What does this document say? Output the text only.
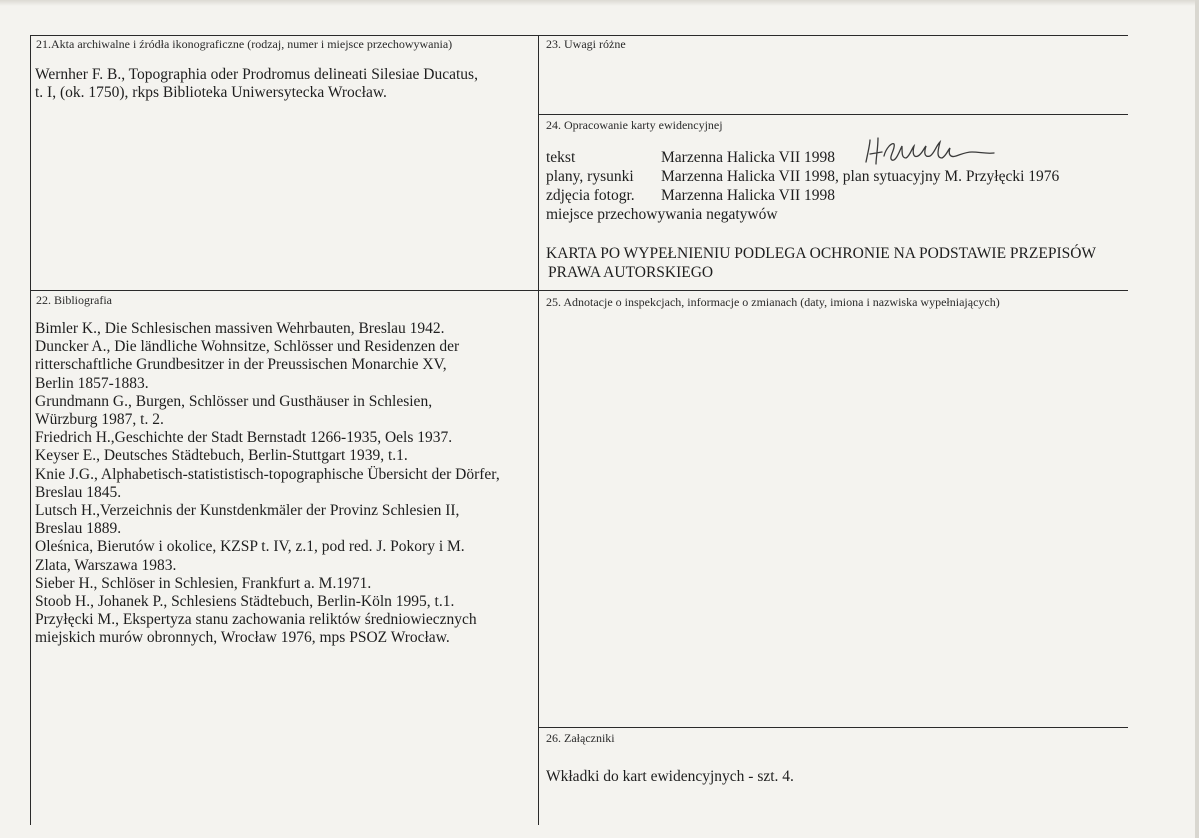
21.Akta archiwalne i źródła ikonograficzne (rodzaj, numer i miejsce przechowywania)
Wernher F. B., Topographia oder Prodromus delineati Silesiae Ducatus,
t. I, (ok. 1750), rkps Biblioteka Uniwersytecka Wrocław.
23. Uwagi różne
24. Opracowanie karty ewidencyjnej
tekst	Marzenna Halicka VII 1998
plany, rysunki Marzenna Halicka VII 1998, plan sytuacyjny M. Przyłęcki 1976
zdjęcia fotogr. Marzenna Halicka VII 1998
miejsce przechowywania negatywów
KARTA PO WYPEŁNIENIU PODLEGA OCHRONIE NA PODSTAWIE PRZEPISÓW
PRAWA AUTORSKIEGO
22. Bibliografia
Bimler K., Die Schlesischen massiven Wehrbauten, Breslau 1942.
Duncker A., Die ländliche Wohnsitze, Schlösser und Residenzen der
ritterschaftliche Grundbesitzer in der Preussischen Monarchie XV,
Berlin 1857-1883.
Grundmann G., Burgen, Schlösser und Gusthäuser in Schlesien,
Würzburg 1987, t. 2.
Friedrich H.,Geschichte der Stadt Bernstadt 1266-1935, Oels 1937.
Keyser E., Deutsches Städtebuch, Berlin-Stuttgart 1939, t.1.
Knie J.G., Alphabetisch-statististisch-topographische Übersicht der Dörfer,
Breslau 1845.
Lutsch H.,Verzeichnis der Kunstdenkmäler der Provinz Schlesien II,
Breslau 1889.
Oleśnica, Bierutów i okolice, KZSP t. IV, z.1, pod red. J. Pokory i M.
Zlata, Warszawa 1983.
Sieber H., Schlöser in Schlesien, Frankfurt a. M.1971.
Stoob H., Johanek P., Schlesiens Städtebuch, Berlin-Köln 1995, t.1.
Przyłęcki M., Ekspertyza stanu zachowania reliktów średniowiecznych
miejskich murów obronnych, Wrocław 1976, mps PSOZ Wrocław.
25. Adnotacje o inspekcjach, informacje o zmianach (daty, imiona i nazwiska wypełniających)
26. Załączniki
Wkładki do kart ewidencyjnych - szt. 4.
